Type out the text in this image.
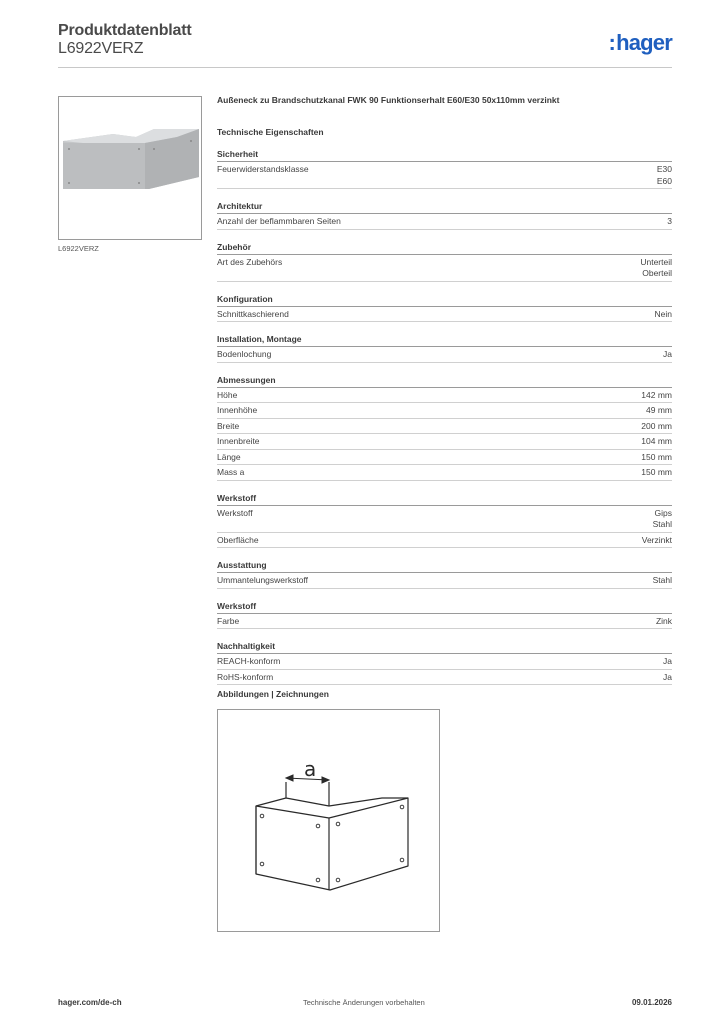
Produktdatenblatt
L6922VERZ	:hager
L6922VERZ
Außeneck zu Brandschutzkanal FWK 90 Funktionserhalt E60/E30 50x110mm verzinkt
Technische Eigenschaften
Sicherheit
Feuerwiderstandsklasse	E30
E60
Architektur
Anzahl der beflammbaren Seiten	3
Zubehör
Art des Zubehörs	Unterteil
Oberteil
Konfiguration
Schnittkaschierend	Nein
Installation, Montage
Bodenlochung	Ja
Abmessungen
Höhe	142 mm
Innenhöhe	49 mm
Breite	200 mm
Innenbreite	104 mm
Länge	150 mm
Mass a	150 mm
Werkstoff
Werkstoff	Gips
Stahl
Oberfläche	Verzinkt
Ausstattung
Ummantelungswerkstoff	Stahl
Werkstoff
Farbe	Zink
Nachhaltigkeit
REACH-konform	Ja
RoHS-konform	Ja
Abbildungen | Zeichnungen
a
hager.com/de-ch	Technische Änderungen vorbehalten	09.01.2026
